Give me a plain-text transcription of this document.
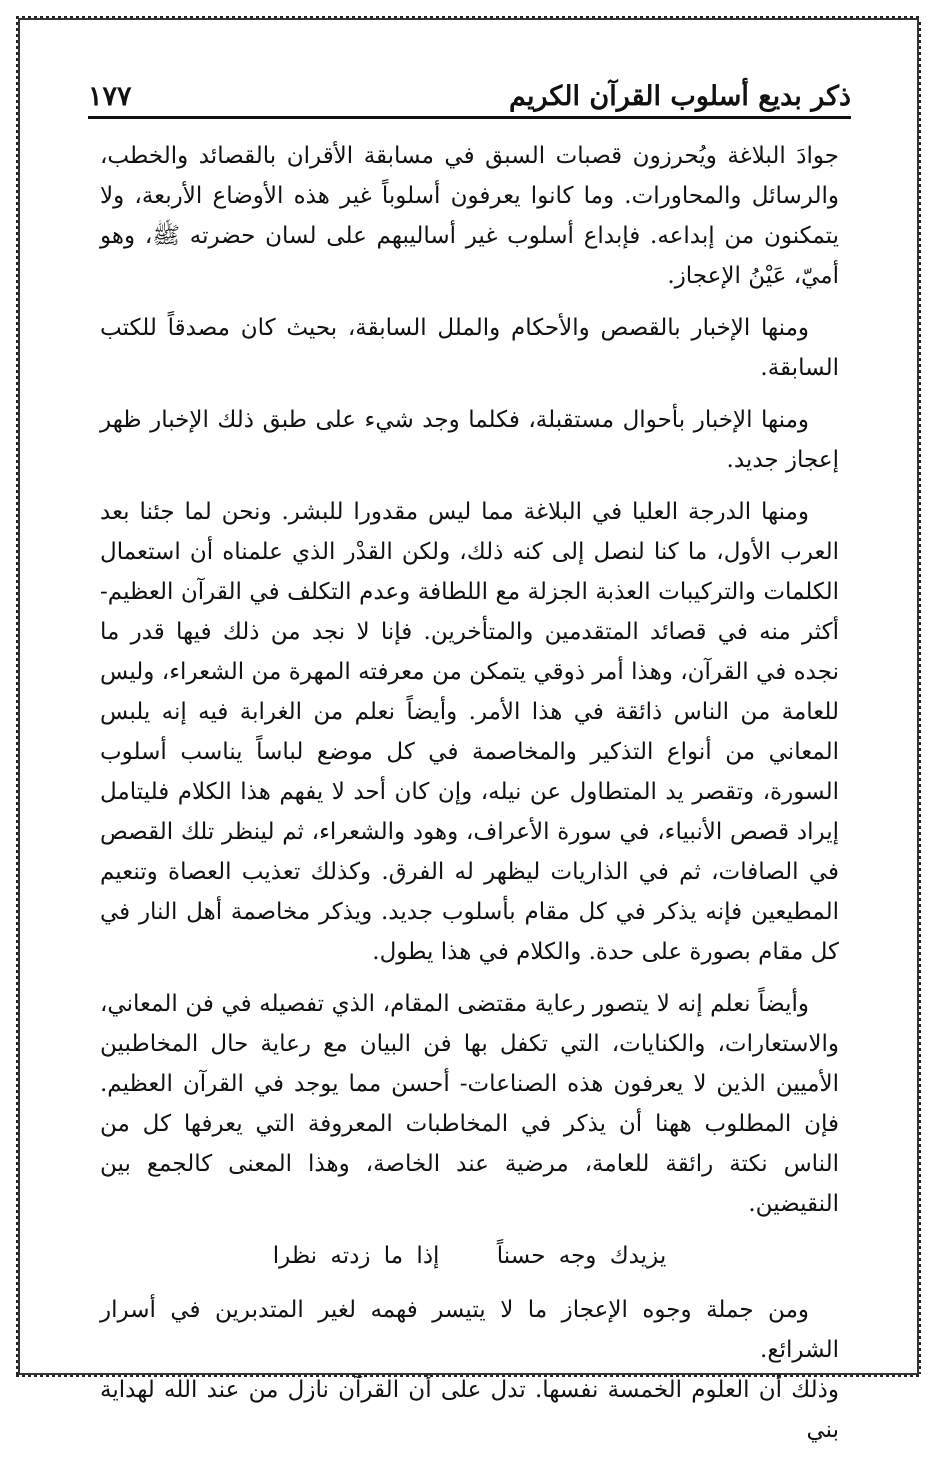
ذكر بديع أسلوب القرآن الكريم
١٧٧

جوادَ البلاغة ويُحرزون قصبات السبق في مسابقة الأقران بالقصائد والخطب، والرسائل والمحاورات. وما كانوا يعرفون أسلوباً غير هذه الأوضاع الأربعة، ولا يتمكنون من إبداعه. فإبداع أسلوب غير أساليبهم على لسان حضرته ﷺ، وهو أميّ، عَيْنُ الإعجاز.

ومنها الإخبار بالقصص والأحكام والملل السابقة، بحيث كان مصدقاً للكتب السابقة.

ومنها الإخبار بأحوال مستقبلة، فكلما وجد شيء على طبق ذلك الإخبار ظهر إعجاز جديد.

ومنها الدرجة العليا في البلاغة مما ليس مقدورا للبشر. ونحن لما جئنا بعد العرب الأول، ما كنا لنصل إلى كنه ذلك، ولكن القدْر الذي علمناه أن استعمال الكلمات والتركيبات العذبة الجزلة مع اللطافة وعدم التكلف في القرآن العظيم- أكثر منه في قصائد المتقدمين والمتأخرين. فإنا لا نجد من ذلك فيها قدر ما نجده في القرآن، وهذا أمر ذوقي يتمكن من معرفته المهرة من الشعراء، وليس للعامة من الناس ذائقة في هذا الأمر. وأيضاً نعلم من الغرابة فيه إنه يلبس المعاني من أنواع التذكير والمخاصمة في كل موضع لباساً يناسب أسلوب السورة، وتقصر يد المتطاول عن نيله، وإن كان أحد لا يفهم هذا الكلام فليتامل إيراد قصص الأنبياء، في سورة الأعراف، وهود والشعراء، ثم لينظر تلك القصص في الصافات، ثم في الذاريات ليظهر له الفرق. وكذلك تعذيب العصاة وتنعيم المطيعين فإنه يذكر في كل مقام بأسلوب جديد. ويذكر مخاصمة أهل النار في كل مقام بصورة على حدة. والكلام في هذا يطول.

وأيضاً نعلم إنه لا يتصور رعاية مقتضى المقام، الذي تفصيله في فن المعاني، والاستعارات، والكنايات، التي تكفل بها فن البيان مع رعاية حال المخاطبين الأميين الذين لا يعرفون هذه الصناعات- أحسن مما يوجد في القرآن العظيم. فإن المطلوب ههنا أن يذكر في المخاطبات المعروفة التي يعرفها كل من الناس نكتة رائقة للعامة، مرضية عند الخاصة، وهذا المعنى كالجمع بين النقيضين.

يزيدك وجه حسناً إذا ما زدته نظرا

ومن جملة وجوه الإعجاز ما لا يتيسر فهمه لغير المتدبرين في أسرار الشرائع.

وذلك أن العلوم الخمسة نفسها. تدل على أن القرآن نازل من عند الله لهداية بني
